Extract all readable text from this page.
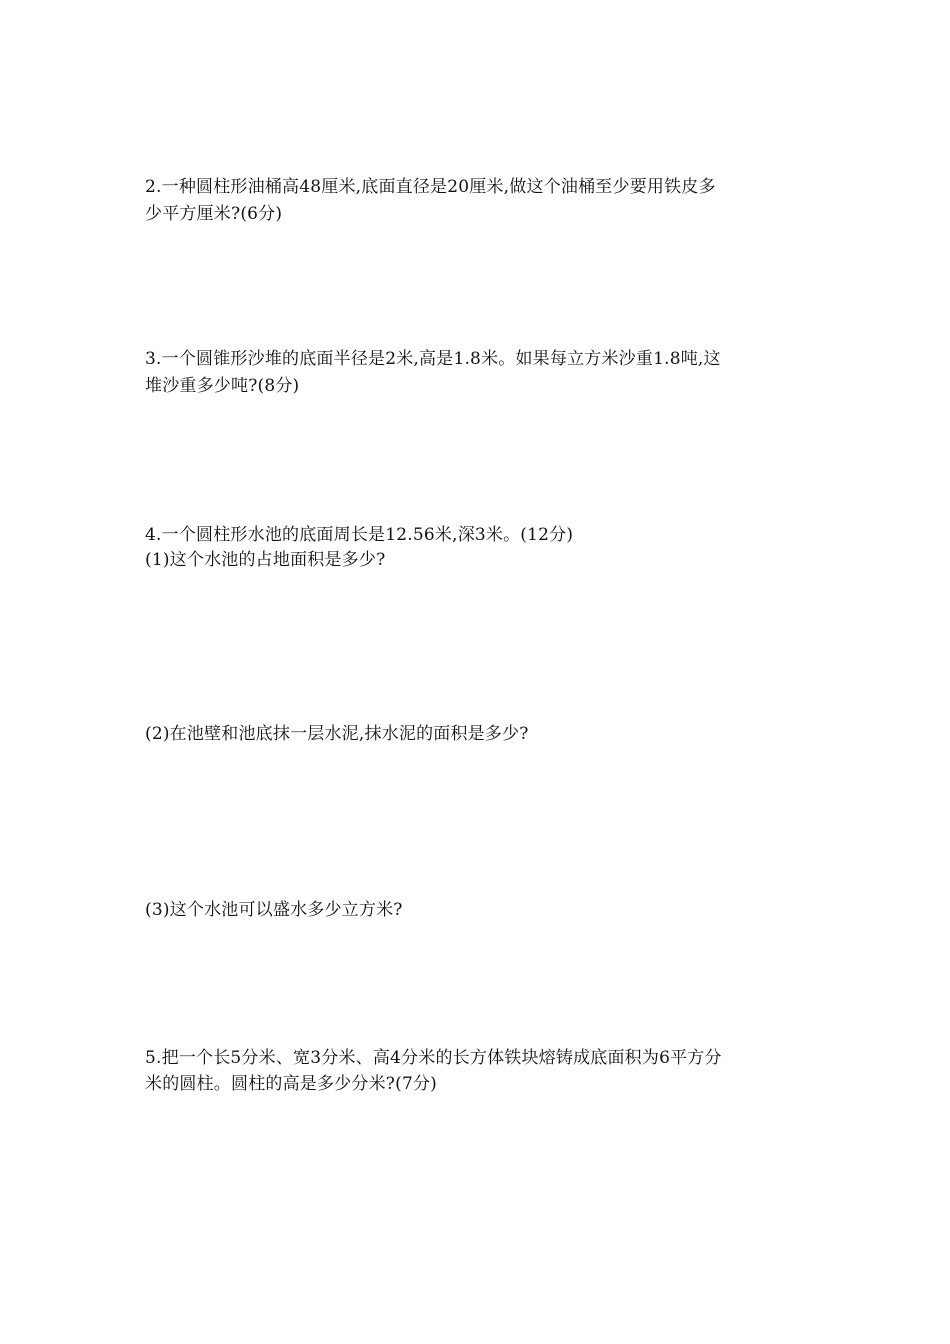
2.一种圆柱形油桶高48厘米,底面直径是20厘米,做这个油桶至少要用铁皮多
少平方厘米?(6分)
3.一个圆锥形沙堆的底面半径是2米,高是1.8米。如果每立方米沙重1.8吨,这
堆沙重多少吨?(8分)
4.一个圆柱形水池的底面周长是12.56米,深3米。(12分)
(1)这个水池的占地面积是多少?
(2)在池壁和池底抹一层水泥,抹水泥的面积是多少?
(3)这个水池可以盛水多少立方米?
5.把一个长5分米、宽3分米、高4分米的长方体铁块熔铸成底面积为6平方分
米的圆柱。圆柱的高是多少分米?(7分)
